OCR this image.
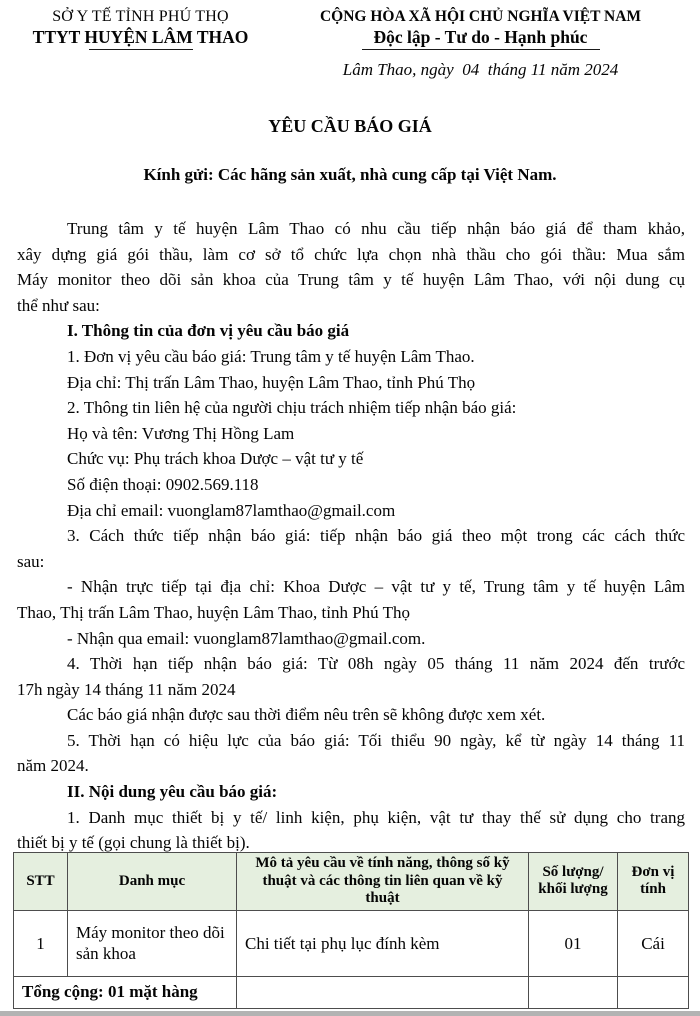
SỞ Y TẾ TỈNH PHÚ THỌ
TTYT HUYỆN LÂM THAO
CỘNG HÒA XÃ HỘI CHỦ NGHĨA VIỆT NAM
Độc lập - Tư do - Hạnh phúc
Lâm Thao, ngày  04  tháng 11 năm 2024
YÊU CẦU BÁO GIÁ
Kính gửi: Các hãng sản xuất, nhà cung cấp tại Việt Nam.
Trung tâm y tế huyện Lâm Thao có nhu cầu tiếp nhận báo giá để tham khảo,
xây dựng giá gói thầu, làm cơ sở tổ chức lựa chọn nhà thầu cho gói thầu: Mua sắm
Máy monitor theo dõi sản khoa của Trung tâm y tế huyện Lâm Thao, với nội dung cụ
thể như sau:
I. Thông tin của đơn vị yêu cầu báo giá
1. Đơn vị yêu cầu báo giá: Trung tâm y tế huyện Lâm Thao.
Địa chỉ: Thị trấn Lâm Thao, huyện Lâm Thao, tỉnh Phú Thọ
2. Thông tin liên hệ của người chịu trách nhiệm tiếp nhận báo giá:
Họ và tên: Vương Thị Hồng Lam
Chức vụ: Phụ trách khoa Dược – vật tư y tế
Số điện thoại: 0902.569.118
Địa chỉ email: vuonglam87lamthao@gmail.com
3. Cách thức tiếp nhận báo giá: tiếp nhận báo giá theo một trong các cách thức
sau:
- Nhận trực tiếp tại địa chỉ: Khoa Dược – vật tư y tế, Trung tâm y tế huyện Lâm
Thao, Thị trấn Lâm Thao, huyện Lâm Thao, tỉnh Phú Thọ
- Nhận qua email: vuonglam87lamthao@gmail.com.
4. Thời hạn tiếp nhận báo giá: Từ 08h ngày 05 tháng 11 năm 2024 đến trước
17h ngày 14 tháng 11 năm 2024
Các báo giá nhận được sau thời điểm nêu trên sẽ không được xem xét.
5. Thời hạn có hiệu lực của báo giá: Tối thiểu 90 ngày, kể từ ngày 14 tháng 11
năm 2024.
II. Nội dung yêu cầu báo giá:
1. Danh mục thiết bị y tế/ linh kiện, phụ kiện, vật tư thay thế sử dụng cho trang
thiết bị y tế (gọi chung là thiết bị).
STT	Danh mục	Mô tả yêu cầu về tính năng, thông số kỹ thuật và các thông tin liên quan về kỹ thuật	Số lượng/ khối lượng	Đơn vị tính
1	Máy monitor theo dõi sản khoa	Chi tiết tại phụ lục đính kèm	01	Cái
Tổng cộng: 01 mặt hàng				
